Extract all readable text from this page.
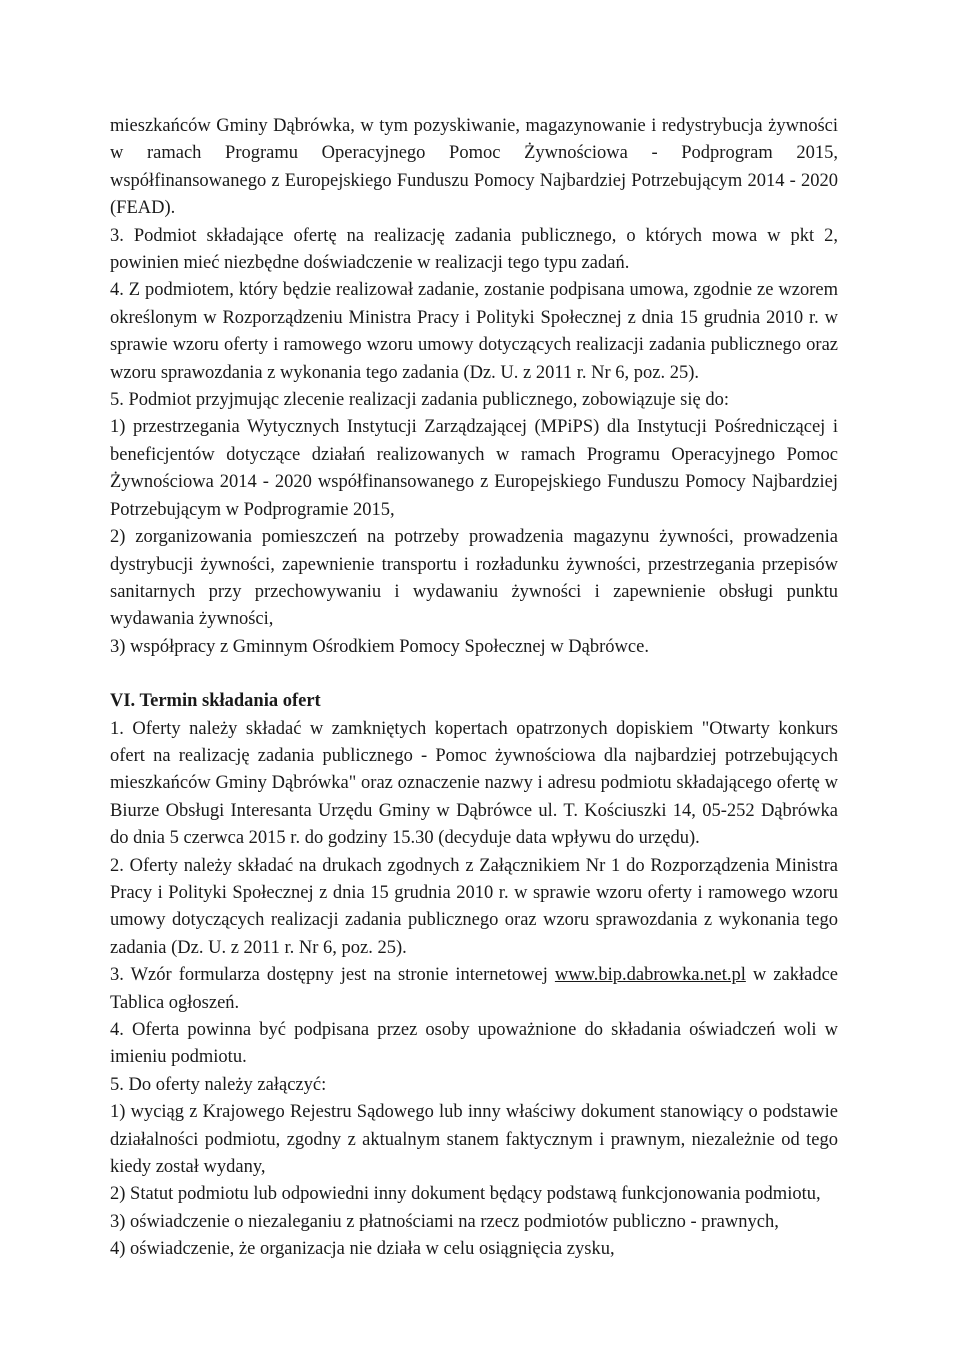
mieszkańców Gminy Dąbrówka, w tym pozyskiwanie, magazynowanie i redystrybucja żywności w ramach Programu Operacyjnego Pomoc Żywnościowa - Podprogram 2015, współfinansowanego z Europejskiego Funduszu Pomocy Najbardziej Potrzebującym 2014 - 2020 (FEAD).

3. Podmiot składające ofertę na realizację zadania publicznego, o których mowa w pkt 2, powinien mieć niezbędne doświadczenie w realizacji tego typu zadań.

4. Z podmiotem, który będzie realizował zadanie, zostanie podpisana umowa, zgodnie ze wzorem określonym w Rozporządzeniu Ministra Pracy i Polityki Społecznej z dnia 15 grudnia 2010 r. w sprawie wzoru oferty i ramowego wzoru umowy dotyczących realizacji zadania publicznego oraz wzoru sprawozdania z wykonania tego zadania (Dz. U. z 2011 r. Nr 6, poz. 25).

5. Podmiot przyjmując zlecenie realizacji zadania publicznego, zobowiązuje się do:

1) przestrzegania Wytycznych Instytucji Zarządzającej (MPiPS) dla Instytucji Pośredniczącej i beneficjentów dotyczące działań realizowanych w ramach Programu Operacyjnego Pomoc Żywnościowa 2014 - 2020 współfinansowanego z Europejskiego Funduszu Pomocy Najbardziej Potrzebującym w Podprogramie 2015,

2) zorganizowania pomieszczeń na potrzeby prowadzenia magazynu żywności, prowadzenia dystrybucji żywności, zapewnienie transportu i rozładunku żywności, przestrzegania przepisów sanitarnych przy przechowywaniu i wydawaniu żywności i zapewnienie obsługi punktu wydawania żywności,

3) współpracy z Gminnym Ośrodkiem Pomocy Społecznej w Dąbrówce.

VI. Termin składania ofert

1. Oferty należy składać w zamkniętych kopertach opatrzonych dopiskiem "Otwarty konkurs ofert na realizację zadania publicznego - Pomoc żywnościowa dla najbardziej potrzebujących mieszkańców Gminy Dąbrówka" oraz oznaczenie nazwy i adresu podmiotu składającego ofertę w Biurze Obsługi Interesanta Urzędu Gminy w Dąbrówce ul. T. Kościuszki 14, 05-252 Dąbrówka do dnia 5 czerwca 2015 r. do godziny 15.30 (decyduje data wpływu do urzędu).

2. Oferty należy składać na drukach zgodnych z Załącznikiem Nr 1 do Rozporządzenia Ministra Pracy i Polityki Społecznej z dnia 15 grudnia 2010 r. w sprawie wzoru oferty i ramowego wzoru umowy dotyczących realizacji zadania publicznego oraz wzoru sprawozdania z wykonania tego zadania (Dz. U. z 2011 r. Nr 6, poz. 25).

3. Wzór formularza dostępny jest na stronie internetowej www.bip.dabrowka.net.pl w zakładce Tablica ogłoszeń.

4. Oferta powinna być podpisana przez osoby upoważnione do składania oświadczeń woli w imieniu podmiotu.

5. Do oferty należy załączyć:

1) wyciąg z Krajowego Rejestru Sądowego lub inny właściwy dokument stanowiący o podstawie działalności podmiotu, zgodny z aktualnym stanem faktycznym i prawnym, niezależnie od tego kiedy został wydany,

2) Statut podmiotu lub odpowiedni inny dokument będący podstawą funkcjonowania podmiotu,

3) oświadczenie o niezaleganiu z płatnościami na rzecz podmiotów publiczno - prawnych,

4) oświadczenie, że organizacja nie działa w celu osiągnięcia zysku,
